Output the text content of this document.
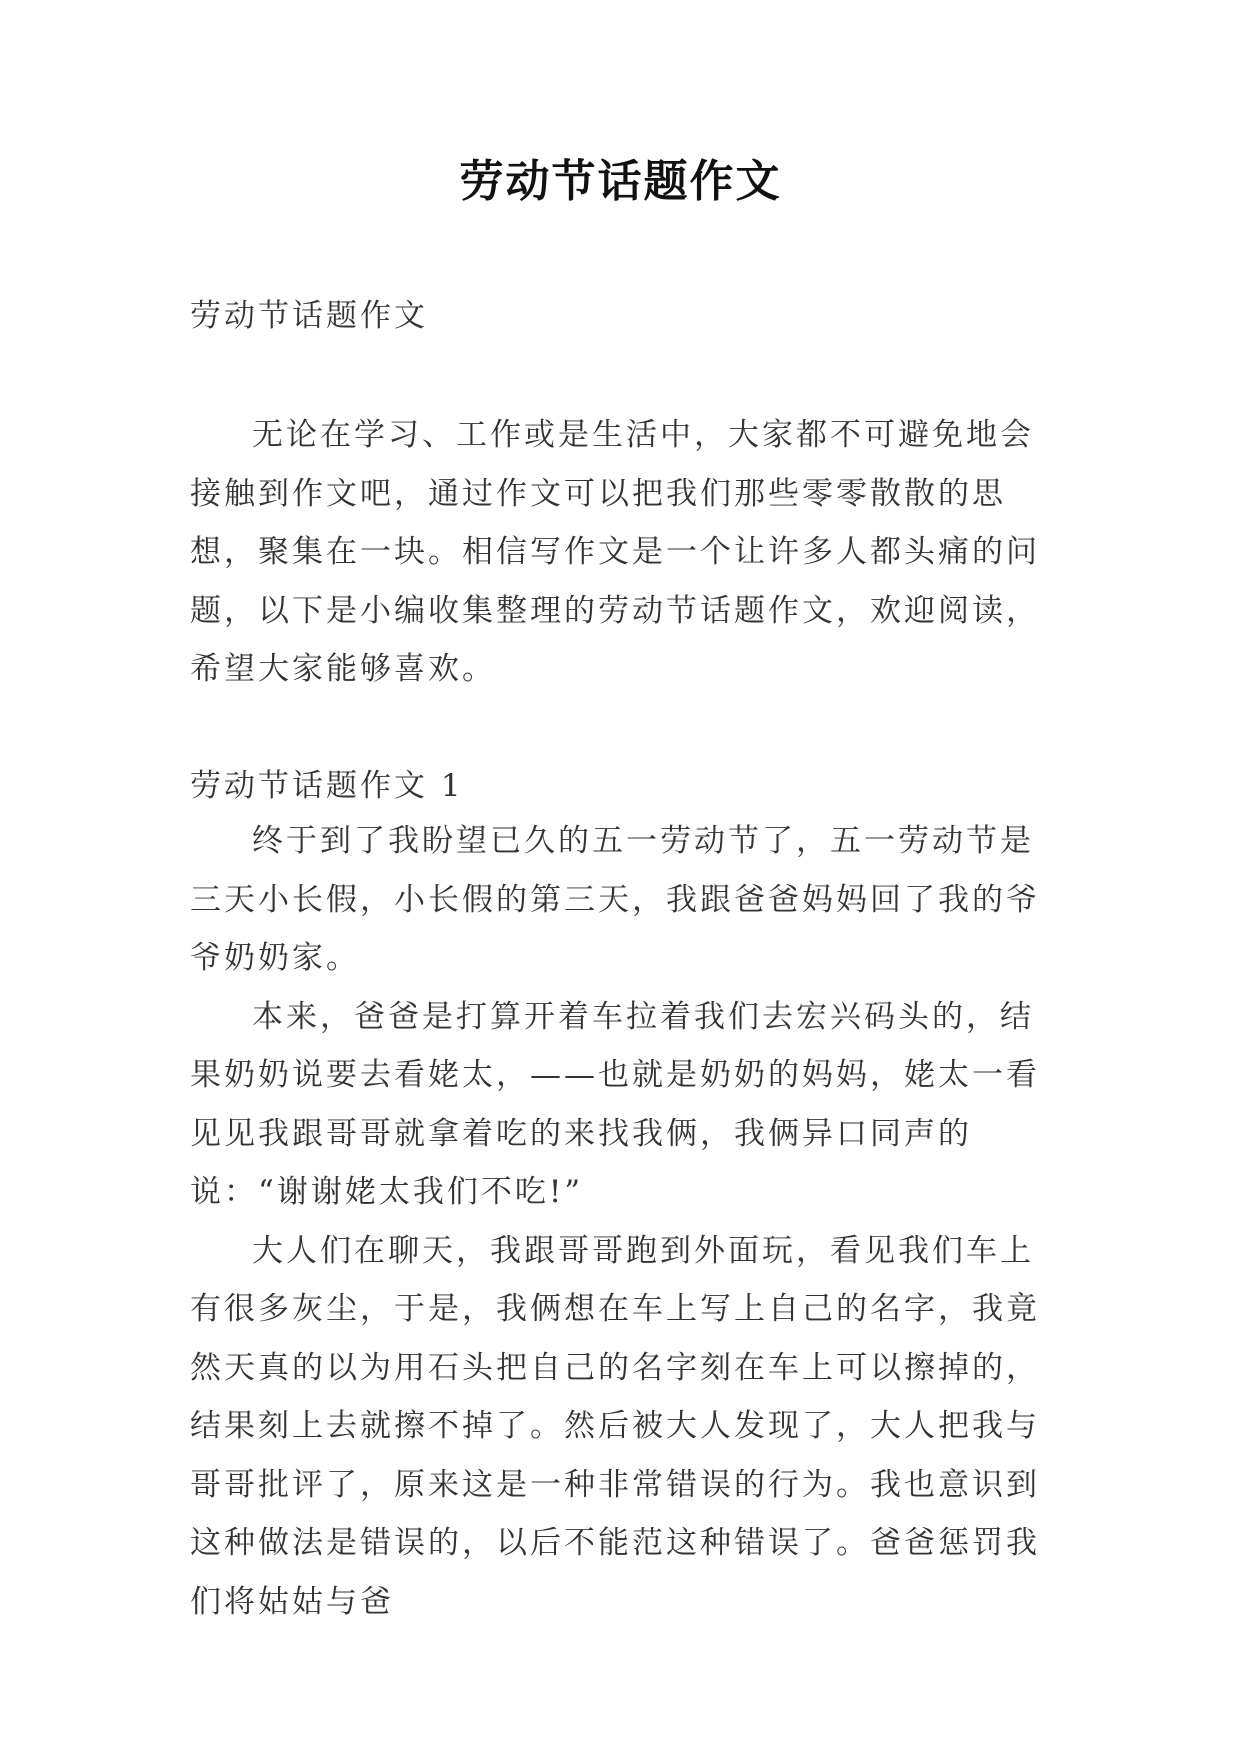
劳动节话题作文
劳动节话题作文
无论在学习、工作或是生活中，大家都不可避免地会接触到作文吧，通过作文可以把我们那些零零散散的思想，聚集在一块。相信写作文是一个让许多人都头痛的问题，以下是小编收集整理的劳动节话题作文，欢迎阅读，希望大家能够喜欢。
劳动节话题作文 1

终于到了我盼望已久的五一劳动节了，五一劳动节是三天小长假，小长假的第三天，我跟爸爸妈妈回了我的爷爷奶奶家。

本来，爸爸是打算开着车拉着我们去宏兴码头的，结果奶奶说要去看姥太，——也就是奶奶的妈妈，姥太一看见见我跟哥哥就拿着吃的来找我俩，我俩异口同声的说：“谢谢姥太我们不吃!”

大人们在聊天，我跟哥哥跑到外面玩，看见我们车上有很多灰尘，于是，我俩想在车上写上自己的名字，我竟然天真的以为用石头把自己的名字刻在车上可以擦掉的，结果刻上去就擦不掉了。然后被大人发现了，大人把我与哥哥批评了，原来这是一种非常错误的行为。我也意识到这种做法是错误的，以后不能范这种错误了。爸爸惩罚我们将姑姑与爸
